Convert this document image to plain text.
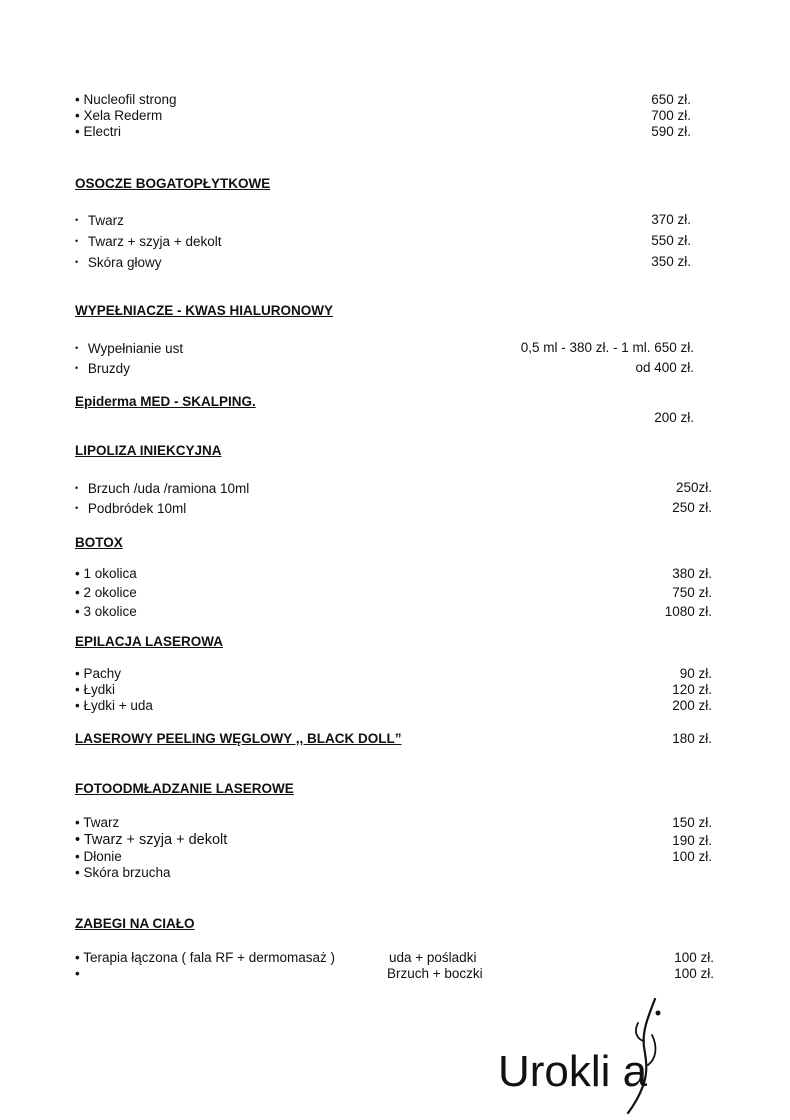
• Nucleofil strong	650 zł.
• Xela Rederm	700 zł.
• Electri	590 zł.
OSOCZE BOGATOPŁYTKOWE
• Twarz	370 zł.
• Twarz + szyja + dekolt	550 zł.
• Skóra głowy	350 zł.
WYPEŁNIACZE - KWAS HIALURONOWY
• Wypełnianie ust	0,5 ml - 380 zł. - 1 ml. 650 zł.
• Bruzdy	od 400 zł.
Epiderma MED - SKALPING.
200 zł.
LIPOLIZA INIEKCYJNA
• Brzuch /uda /ramiona 10ml	250zł.
• Podbródek 10ml	250 zł.
BOTOX
• 1 okolica	380 zł.
• 2 okolice	750 zł.
• 3 okolice	1080 zł.
EPILACJA LASEROWA
• Pachy	90 zł.
• Łydki	120 zł.
• Łydki + uda	200 zł.
LASEROWY PEELING WĘGLOWY ,, BLACK DOLL”	180 zł.
FOTOODMŁADZANIE LASEROWE
• Twarz	150 zł.
• Twarz + szyja + dekolt	190 zł.
• Dłonie	100 zł.
• Skóra brzucha
ZABEGI NA CIAŁO
• Terapia łączona ( fala RF + dermomasaż )	uda + pośladki	100 zł.
•	Brzuch + boczki	100 zł.
Urokli a
